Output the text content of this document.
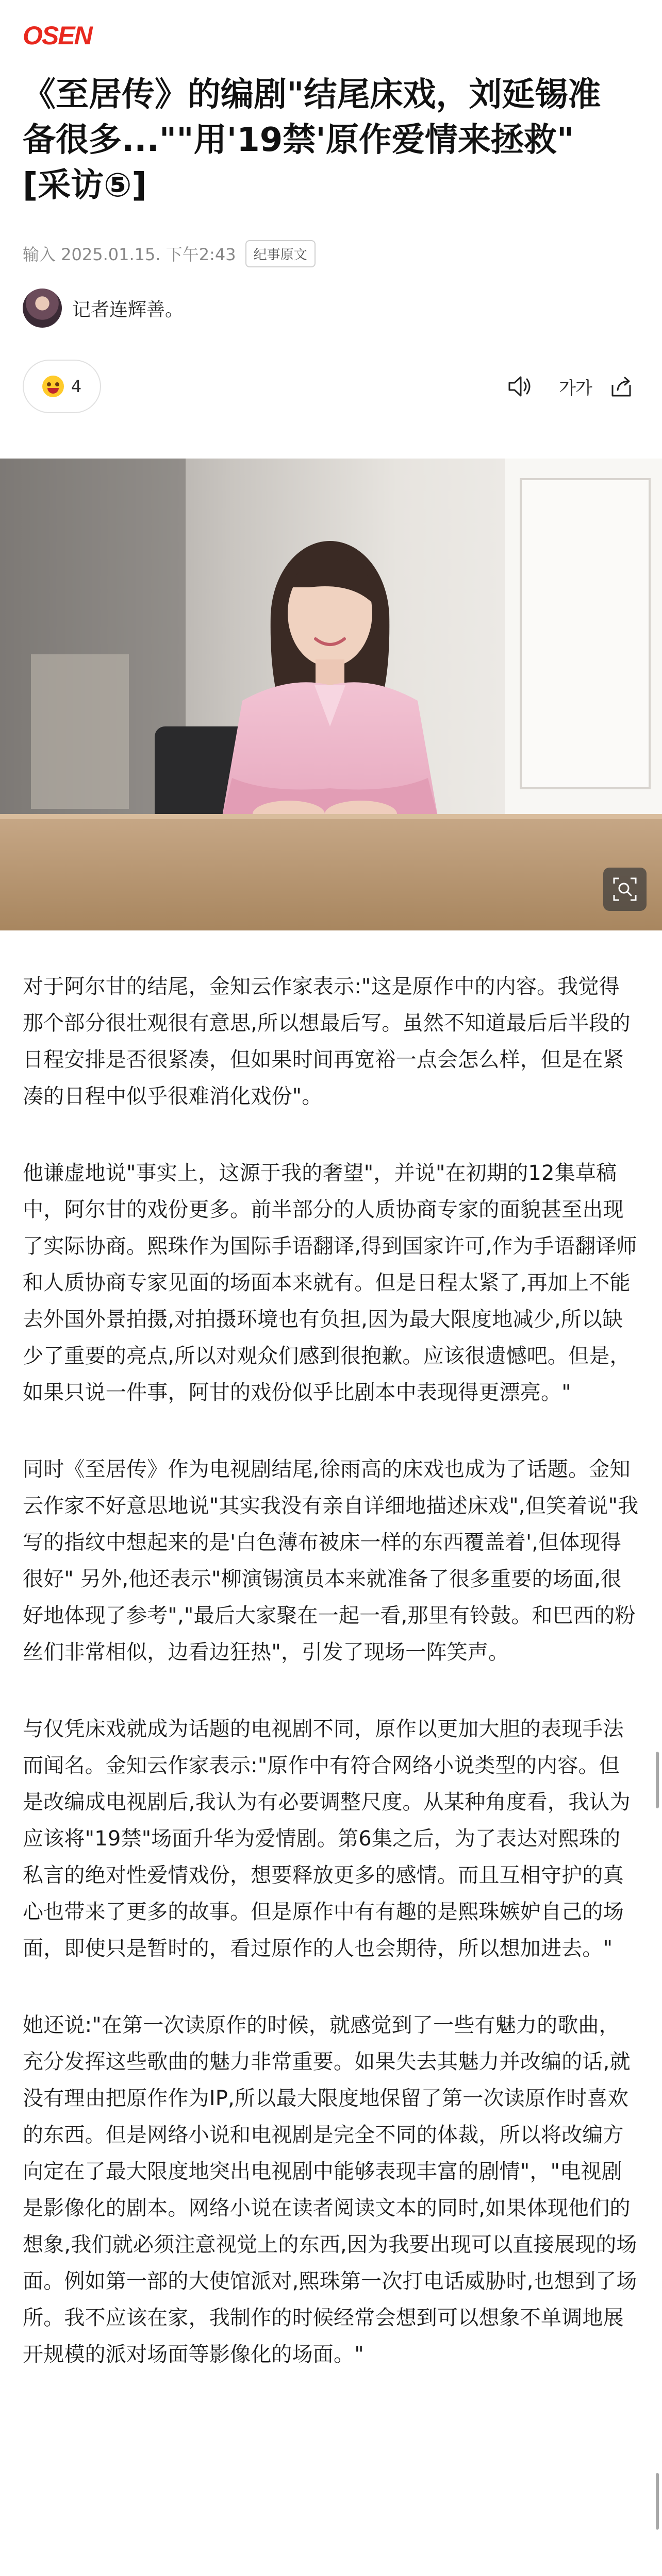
OSEN
《至居传》的编剧"结尾床戏，刘延锡准备很多...""用'19禁'原作爱情来拯救" [采访⑤]
输入 2025.01.15. 下午2:43	纪事原文
记者连辉善。
4	가가

对于阿尔甘的结尾，金知云作家表示:"这是原作中的内容。我觉得那个部分很壮观很有意思,所以想最后写。虽然不知道最后后半段的日程安排是否很紧凑，但如果时间再宽裕一点会怎么样，但是在紧凑的日程中似乎很难消化戏份"。

他谦虚地说"事实上，这源于我的奢望"，并说"在初期的12集草稿中，阿尔甘的戏份更多。前半部分的人质协商专家的面貌甚至出现了实际协商。熙珠作为国际手语翻译,得到国家许可,作为手语翻译师和人质协商专家见面的场面本来就有。但是日程太紧了,再加上不能去外国外景拍摄,对拍摄环境也有负担,因为最大限度地减少,所以缺少了重要的亮点,所以对观众们感到很抱歉。应该很遗憾吧。但是，如果只说一件事，阿甘的戏份似乎比剧本中表现得更漂亮。"

同时《至居传》作为电视剧结尾,徐雨高的床戏也成为了话题。金知云作家不好意思地说"其实我没有亲自详细地描述床戏",但笑着说"我写的指纹中想起来的是'白色薄布被床一样的东西覆盖着',但体现得很好" 另外,他还表示"柳演锡演员本来就准备了很多重要的场面,很好地体现了参考","最后大家聚在一起一看,那里有铃鼓。和巴西的粉丝们非常相似，边看边狂热"，引发了现场一阵笑声。

与仅凭床戏就成为话题的电视剧不同，原作以更加大胆的表现手法而闻名。金知云作家表示:"原作中有符合网络小说类型的内容。但是改编成电视剧后,我认为有必要调整尺度。从某种角度看，我认为应该将"19禁"场面升华为爱情剧。第6集之后，为了表达对熙珠的私言的绝对性爱情戏份，想要释放更多的感情。而且互相守护的真心也带来了更多的故事。但是原作中有有趣的是熙珠嫉妒自己的场面，即使只是暂时的，看过原作的人也会期待，所以想加进去。"

她还说:"在第一次读原作的时候，就感觉到了一些有魅力的歌曲，充分发挥这些歌曲的魅力非常重要。如果失去其魅力并改编的话,就没有理由把原作作为IP,所以最大限度地保留了第一次读原作时喜欢的东西。但是网络小说和电视剧是完全不同的体裁，所以将改编方向定在了最大限度地突出电视剧中能够表现丰富的剧情"，"电视剧是影像化的剧本。网络小说在读者阅读文本的同时,如果体现他们的想象,我们就必须注意视觉上的东西,因为我要出现可以直接展现的场面。例如第一部的大使馆派对,熙珠第一次打电话威胁时,也想到了场所。我不应该在家，我制作的时候经常会想到可以想象不单调地展开规模的派对场面等影像化的场面。"
